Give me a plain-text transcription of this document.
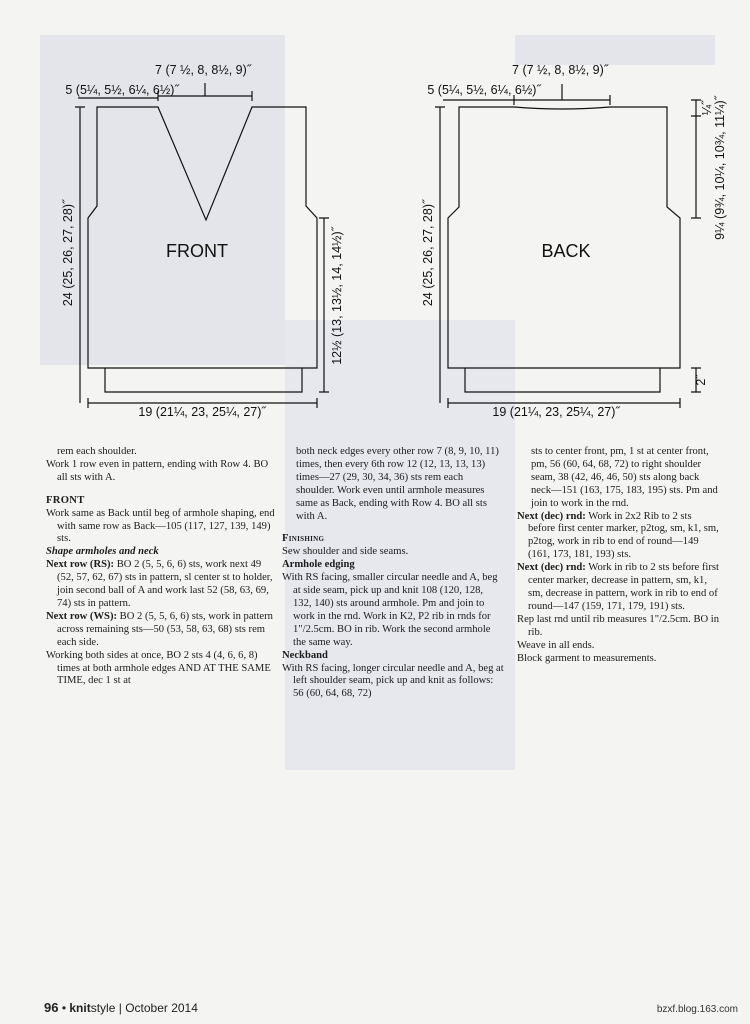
7 (7 ½, 8, 8½, 9)˝
5 (5¼, 5½, 6¼, 6½)˝
24 (25, 26, 27, 28)˝	12½ (13, 13½, 14, 14½)˝
19 (21¼, 23, 25¼, 27)˝
FRONT
7 (7 ½, 8, 8½, 9)˝
5 (5¼, 5½, 6¼, 6½)˝
24 (25, 26, 27, 28)˝
¼˝ 9¼ (9¾, 10¼, 10¾, 11¼)˝
2˝
19 (21¼, 23, 25¼, 27)˝
BACK

rem each shoulder.

Work 1 row even in pattern, ending with Row 4. BO all sts with A.

FRONT

Work same as Back until beg of armhole shaping, end with same row as Back—105 (117, 127, 139, 149) sts.

Shape armholes and neck

Next row (RS): BO 2 (5, 5, 6, 6) sts, work next 49 (52, 57, 62, 67) sts in pattern, sl center st to holder, join second ball of A and work last 52 (58, 63, 69, 74) sts in pattern.

Next row (WS): BO 2 (5, 5, 6, 6) sts, work in pattern across remaining sts—50 (53, 58, 63, 68) sts rem each side.

Working both sides at once, BO 2 sts 4 (4, 6, 6, 8) times at both armhole edges AND AT THE SAME TIME, dec 1 st at

both neck edges every other row 7 (8, 9, 10, 11) times, then every 6th row 12 (12, 13, 13, 13) times—27 (29, 30, 34, 36) sts rem each shoulder. Work even until armhole measures same as Back, ending with Row 4. BO all sts with A.

Finishing

Sew shoulder and side seams.

Armhole edging

With RS facing, smaller circular needle and A, beg at side seam, pick up and knit 108 (120, 128, 132, 140) sts around armhole. Pm and join to work in the rnd. Work in K2, P2 rib in rnds for 1"/2.5cm. BO in rib. Work the second armhole the same way.

Neckband

With RS facing, longer circular needle and A, beg at left shoulder seam, pick up and knit as follows: 56 (60, 64, 68, 72)

sts to center front, pm, 1 st at center front, pm, 56 (60, 64, 68, 72) to right shoulder seam, 38 (42, 46, 46, 50) sts along back neck—151 (163, 175, 183, 195) sts. Pm and join to work in the rnd.

Next (dec) rnd: Work in 2x2 Rib to 2 sts before first center marker, p2tog, sm, k1, sm, p2tog, work in rib to end of round—149 (161, 173, 181, 193) sts.

Next (dec) rnd: Work in rib to 2 sts before first center marker, decrease in pattern, sm, k1, sm, decrease in pattern, work in rib to end of round—147 (159, 171, 179, 191) sts.

Rep last rnd until rib measures 1"/2.5cm. BO in rib.

Weave in all ends.

Block garment to measurements.

96 • knitstyle | October 2014	bzxf.blog.163.com
